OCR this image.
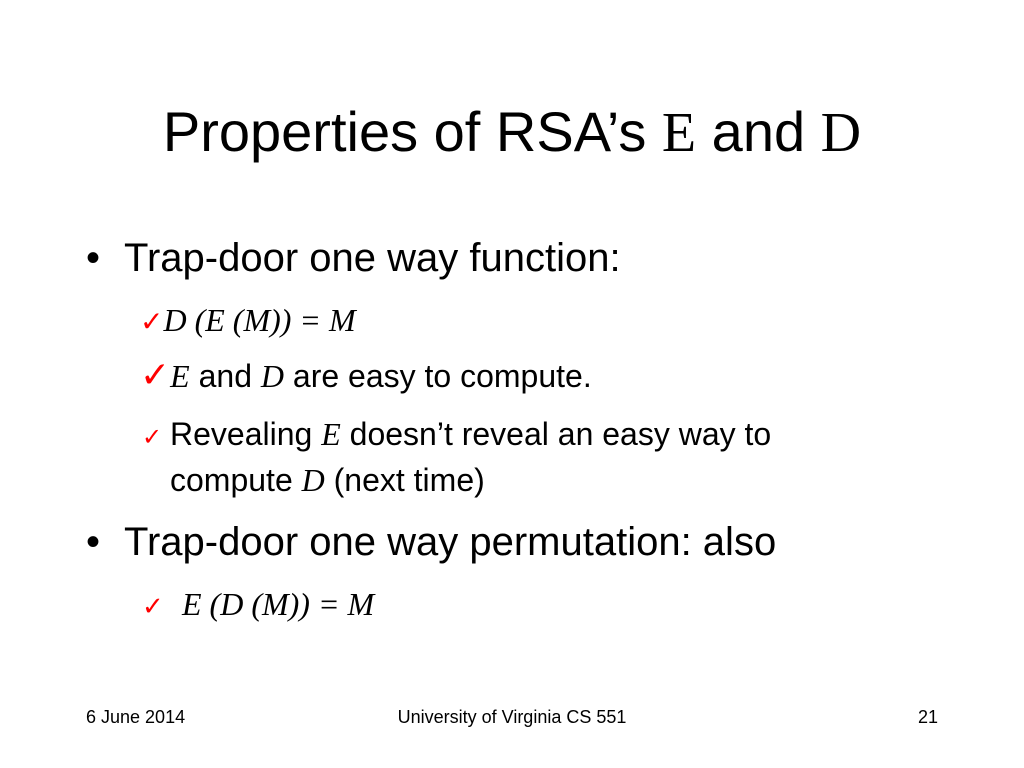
Properties of RSA’s E and D
• Trap-door one way function:
✓D (E (M)) = M
✓E and D are easy to compute.
✓ Revealing E doesn’t reveal an easy way to
compute D (next time)
• Trap-door one way permutation: also
✓ E (D (M)) = M
6 June 2014	University of Virginia CS 551	21
